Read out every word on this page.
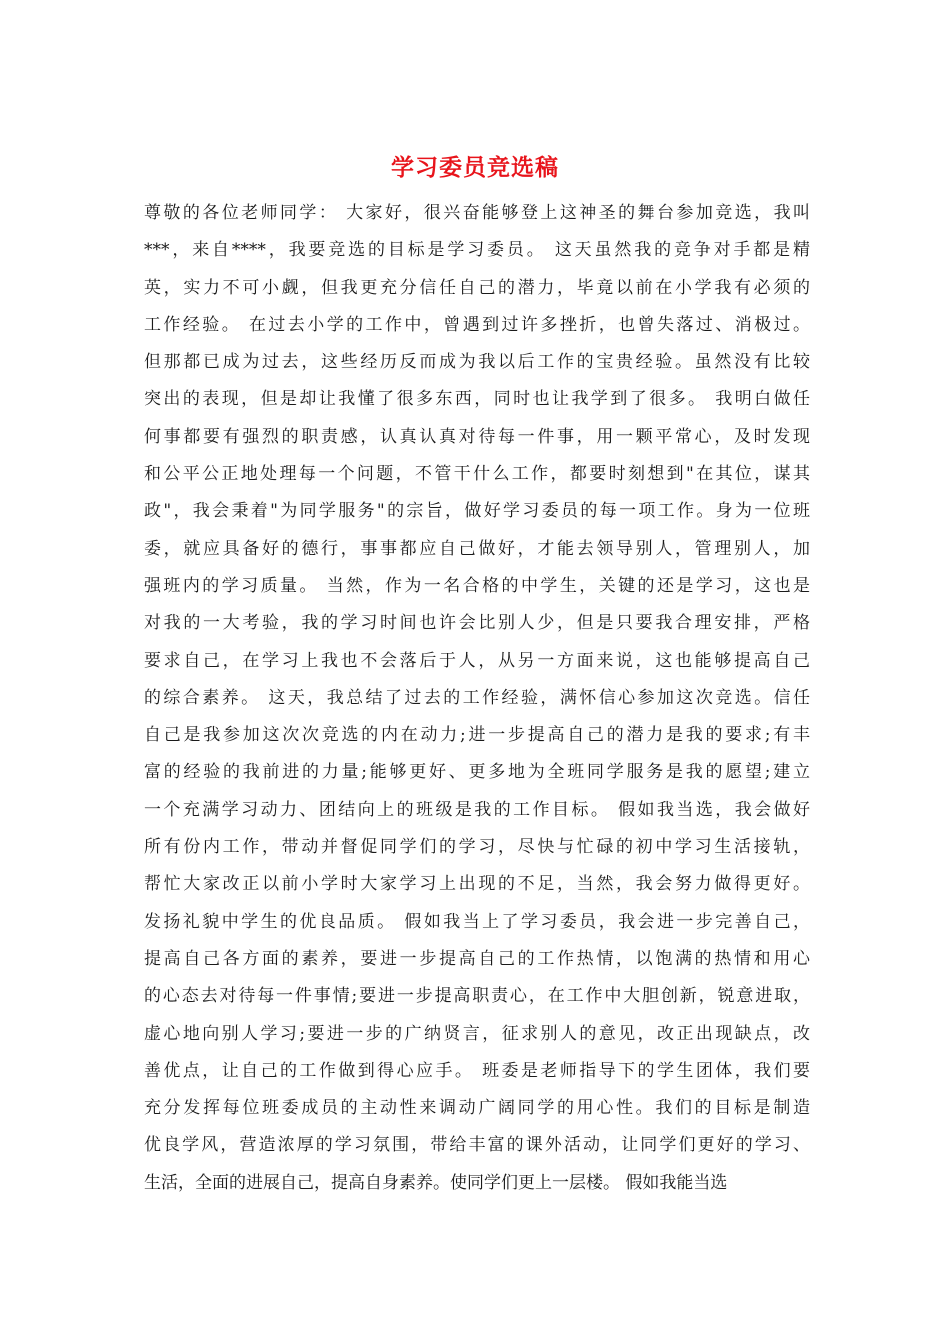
学习委员竞选稿
尊敬的各位老师同学： 大家好，很兴奋能够登上这神圣的舞台参加竞选，我叫
***，来自****，我要竞选的目标是学习委员。 这天虽然我的竞争对手都是精
英，实力不可小觑，但我更充分信任自己的潜力，毕竟以前在小学我有必须的
工作经验。 在过去小学的工作中，曾遇到过许多挫折，也曾失落过、消极过。
但那都已成为过去，这些经历反而成为我以后工作的宝贵经验。虽然没有比较
突出的表现，但是却让我懂了很多东西，同时也让我学到了很多。 我明白做任
何事都要有强烈的职责感，认真认真对待每一件事，用一颗平常心，及时发现
和公平公正地处理每一个问题，不管干什么工作，都要时刻想到"在其位，谋其
政"，我会秉着"为同学服务"的宗旨，做好学习委员的每一项工作。身为一位班
委，就应具备好的德行，事事都应自己做好，才能去领导别人，管理别人，加
强班内的学习质量。 当然，作为一名合格的中学生，关键的还是学习，这也是
对我的一大考验，我的学习时间也许会比别人少，但是只要我合理安排，严格
要求自己，在学习上我也不会落后于人，从另一方面来说，这也能够提高自己
的综合素养。 这天，我总结了过去的工作经验，满怀信心参加这次竞选。信任
自己是我参加这次次竞选的内在动力;进一步提高自己的潜力是我的要求;有丰
富的经验的我前进的力量;能够更好、更多地为全班同学服务是我的愿望;建立
一个充满学习动力、团结向上的班级是我的工作目标。 假如我当选，我会做好
所有份内工作，带动并督促同学们的学习，尽快与忙碌的初中学习生活接轨，
帮忙大家改正以前小学时大家学习上出现的不足，当然，我会努力做得更好。
发扬礼貌中学生的优良品质。 假如我当上了学习委员，我会进一步完善自己，
提高自己各方面的素养，要进一步提高自己的工作热情，以饱满的热情和用心
的心态去对待每一件事情;要进一步提高职责心，在工作中大胆创新，锐意进取，
虚心地向别人学习;要进一步的广纳贤言，征求别人的意见，改正出现缺点，改
善优点，让自己的工作做到得心应手。 班委是老师指导下的学生团体，我们要
充分发挥每位班委成员的主动性来调动广阔同学的用心性。我们的目标是制造
优良学风，营造浓厚的学习氛围，带给丰富的课外活动，让同学们更好的学习、
生活，全面的进展自己，提高自身素养。使同学们更上一层楼。 假如我能当选
